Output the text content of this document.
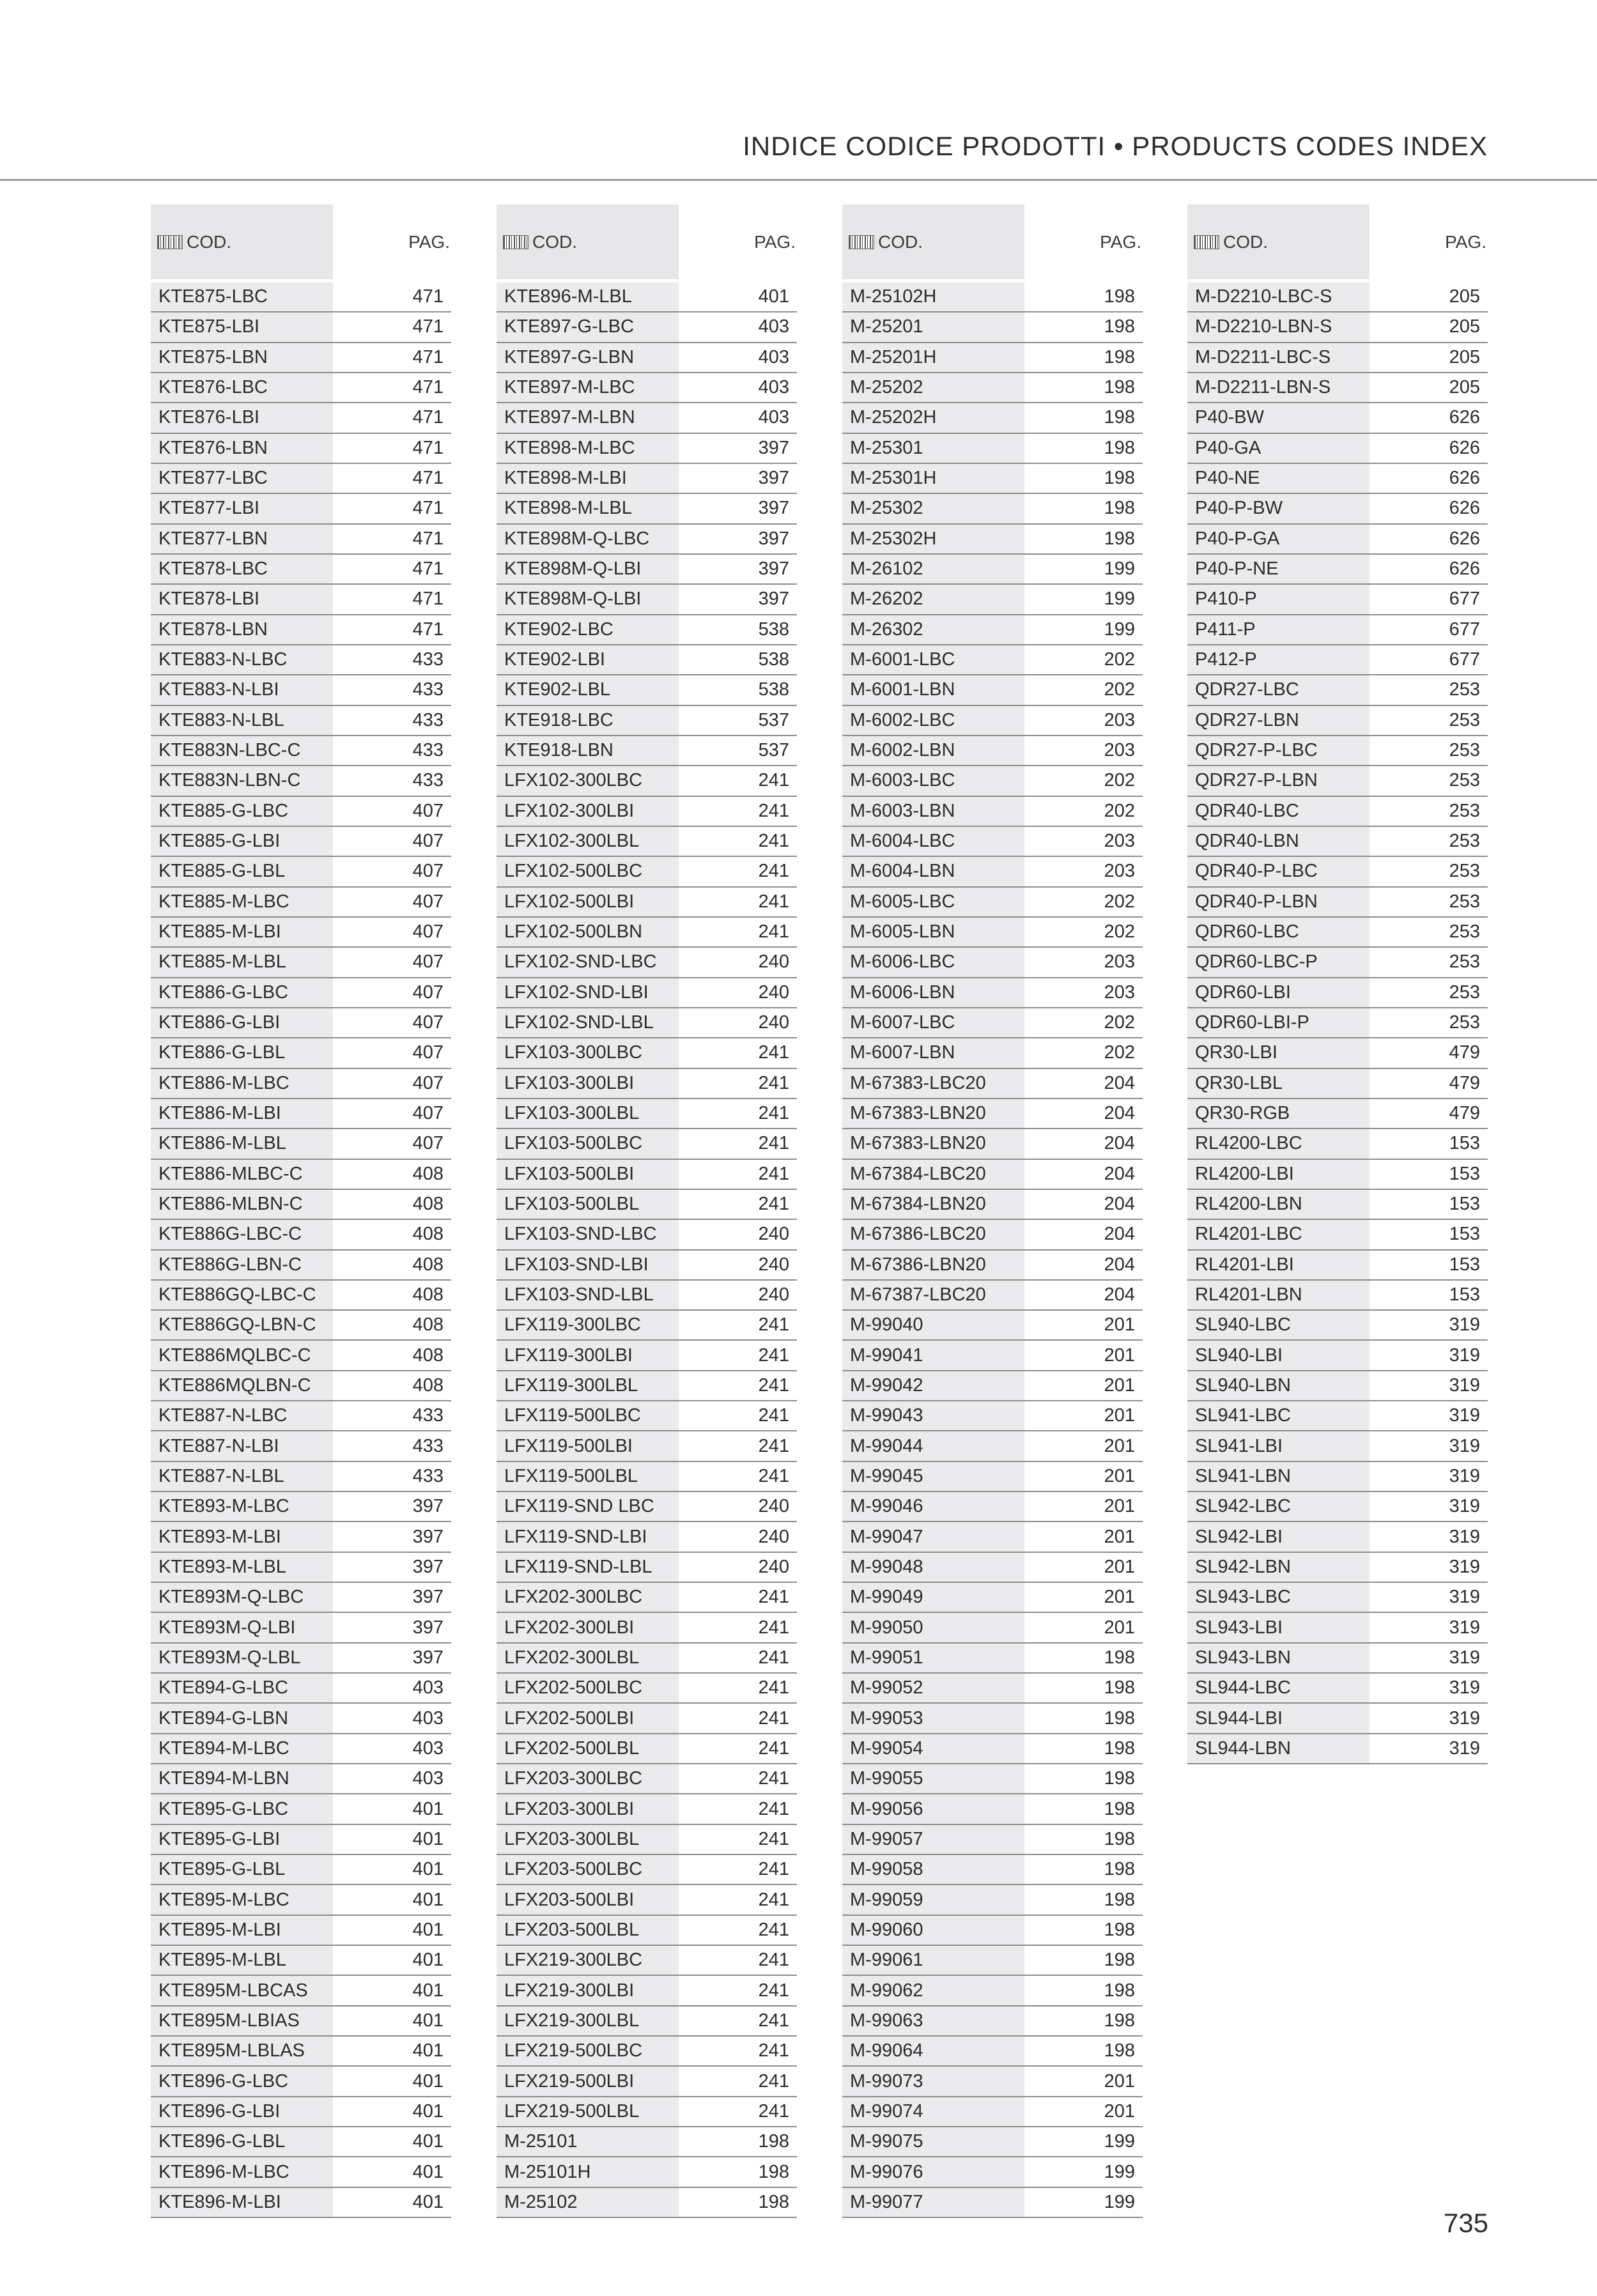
INDICE CODICE PRODOTTI • PRODUCTS CODES INDEX
COD.	PAG.
KTE875-LBC	471
KTE875-LBI	471
KTE875-LBN	471
KTE876-LBC	471
KTE876-LBI	471
KTE876-LBN	471
KTE877-LBC	471
KTE877-LBI	471
KTE877-LBN	471
KTE878-LBC	471
KTE878-LBI	471
KTE878-LBN	471
KTE883-N-LBC	433
KTE883-N-LBI	433
KTE883-N-LBL	433
KTE883N-LBC-C	433
KTE883N-LBN-C	433
KTE885-G-LBC	407
KTE885-G-LBI	407
KTE885-G-LBL	407
KTE885-M-LBC	407
KTE885-M-LBI	407
KTE885-M-LBL	407
KTE886-G-LBC	407
KTE886-G-LBI	407
KTE886-G-LBL	407
KTE886-M-LBC	407
KTE886-M-LBI	407
KTE886-M-LBL	407
KTE886-MLBC-C	408
KTE886-MLBN-C	408
KTE886G-LBC-C	408
KTE886G-LBN-C	408
KTE886GQ-LBC-C	408
KTE886GQ-LBN-C	408
KTE886MQLBC-C	408
KTE886MQLBN-C	408
KTE887-N-LBC	433
KTE887-N-LBI	433
KTE887-N-LBL	433
KTE893-M-LBC	397
KTE893-M-LBI	397
KTE893-M-LBL	397
KTE893M-Q-LBC	397
KTE893M-Q-LBI	397
KTE893M-Q-LBL	397
KTE894-G-LBC	403
KTE894-G-LBN	403
KTE894-M-LBC	403
KTE894-M-LBN	403
KTE895-G-LBC	401
KTE895-G-LBI	401
KTE895-G-LBL	401
KTE895-M-LBC	401
KTE895-M-LBI	401
KTE895-M-LBL	401
KTE895M-LBCAS	401
KTE895M-LBIAS	401
KTE895M-LBLAS	401
KTE896-G-LBC	401
KTE896-G-LBI	401
KTE896-G-LBL	401
KTE896-M-LBC	401
KTE896-M-LBI	401
COD.	PAG.
KTE896-M-LBL	401
KTE897-G-LBC	403
KTE897-G-LBN	403
KTE897-M-LBC	403
KTE897-M-LBN	403
KTE898-M-LBC	397
KTE898-M-LBI	397
KTE898-M-LBL	397
KTE898M-Q-LBC	397
KTE898M-Q-LBI	397
KTE898M-Q-LBI	397
KTE902-LBC	538
KTE902-LBI	538
KTE902-LBL	538
KTE918-LBC	537
KTE918-LBN	537
LFX102-300LBC	241
LFX102-300LBI	241
LFX102-300LBL	241
LFX102-500LBC	241
LFX102-500LBI	241
LFX102-500LBN	241
LFX102-SND-LBC	240
LFX102-SND-LBI	240
LFX102-SND-LBL	240
LFX103-300LBC	241
LFX103-300LBI	241
LFX103-300LBL	241
LFX103-500LBC	241
LFX103-500LBI	241
LFX103-500LBL	241
LFX103-SND-LBC	240
LFX103-SND-LBI	240
LFX103-SND-LBL	240
LFX119-300LBC	241
LFX119-300LBI	241
LFX119-300LBL	241
LFX119-500LBC	241
LFX119-500LBI	241
LFX119-500LBL	241
LFX119-SND LBC	240
LFX119-SND-LBI	240
LFX119-SND-LBL	240
LFX202-300LBC	241
LFX202-300LBI	241
LFX202-300LBL	241
LFX202-500LBC	241
LFX202-500LBI	241
LFX202-500LBL	241
LFX203-300LBC	241
LFX203-300LBI	241
LFX203-300LBL	241
LFX203-500LBC	241
LFX203-500LBI	241
LFX203-500LBL	241
LFX219-300LBC	241
LFX219-300LBI	241
LFX219-300LBL	241
LFX219-500LBC	241
LFX219-500LBI	241
LFX219-500LBL	241
M-25101	198
M-25101H	198
M-25102	198
COD.	PAG.
M-25102H	198
M-25201	198
M-25201H	198
M-25202	198
M-25202H	198
M-25301	198
M-25301H	198
M-25302	198
M-25302H	198
M-26102	199
M-26202	199
M-26302	199
M-6001-LBC	202
M-6001-LBN	202
M-6002-LBC	203
M-6002-LBN	203
M-6003-LBC	202
M-6003-LBN	202
M-6004-LBC	203
M-6004-LBN	203
M-6005-LBC	202
M-6005-LBN	202
M-6006-LBC	203
M-6006-LBN	203
M-6007-LBC	202
M-6007-LBN	202
M-67383-LBC20	204
M-67383-LBN20	204
M-67383-LBN20	204
M-67384-LBC20	204
M-67384-LBN20	204
M-67386-LBC20	204
M-67386-LBN20	204
M-67387-LBC20	204
M-99040	201
M-99041	201
M-99042	201
M-99043	201
M-99044	201
M-99045	201
M-99046	201
M-99047	201
M-99048	201
M-99049	201
M-99050	201
M-99051	198
M-99052	198
M-99053	198
M-99054	198
M-99055	198
M-99056	198
M-99057	198
M-99058	198
M-99059	198
M-99060	198
M-99061	198
M-99062	198
M-99063	198
M-99064	198
M-99073	201
M-99074	201
M-99075	199
M-99076	199
M-99077	199
COD.	PAG.
M-D2210-LBC-S	205
M-D2210-LBN-S	205
M-D2211-LBC-S	205
M-D2211-LBN-S	205
P40-BW	626
P40-GA	626
P40-NE	626
P40-P-BW	626
P40-P-GA	626
P40-P-NE	626
P410-P	677
P411-P	677
P412-P	677
QDR27-LBC	253
QDR27-LBN	253
QDR27-P-LBC	253
QDR27-P-LBN	253
QDR40-LBC	253
QDR40-LBN	253
QDR40-P-LBC	253
QDR40-P-LBN	253
QDR60-LBC	253
QDR60-LBC-P	253
QDR60-LBI	253
QDR60-LBI-P	253
QR30-LBI	479
QR30-LBL	479
QR30-RGB	479
RL4200-LBC	153
RL4200-LBI	153
RL4200-LBN	153
RL4201-LBC	153
RL4201-LBI	153
RL4201-LBN	153
SL940-LBC	319
SL940-LBI	319
SL940-LBN	319
SL941-LBC	319
SL941-LBI	319
SL941-LBN	319
SL942-LBC	319
SL942-LBI	319
SL942-LBN	319
SL943-LBC	319
SL943-LBI	319
SL943-LBN	319
SL944-LBC	319
SL944-LBI	319
SL944-LBN	319
735
